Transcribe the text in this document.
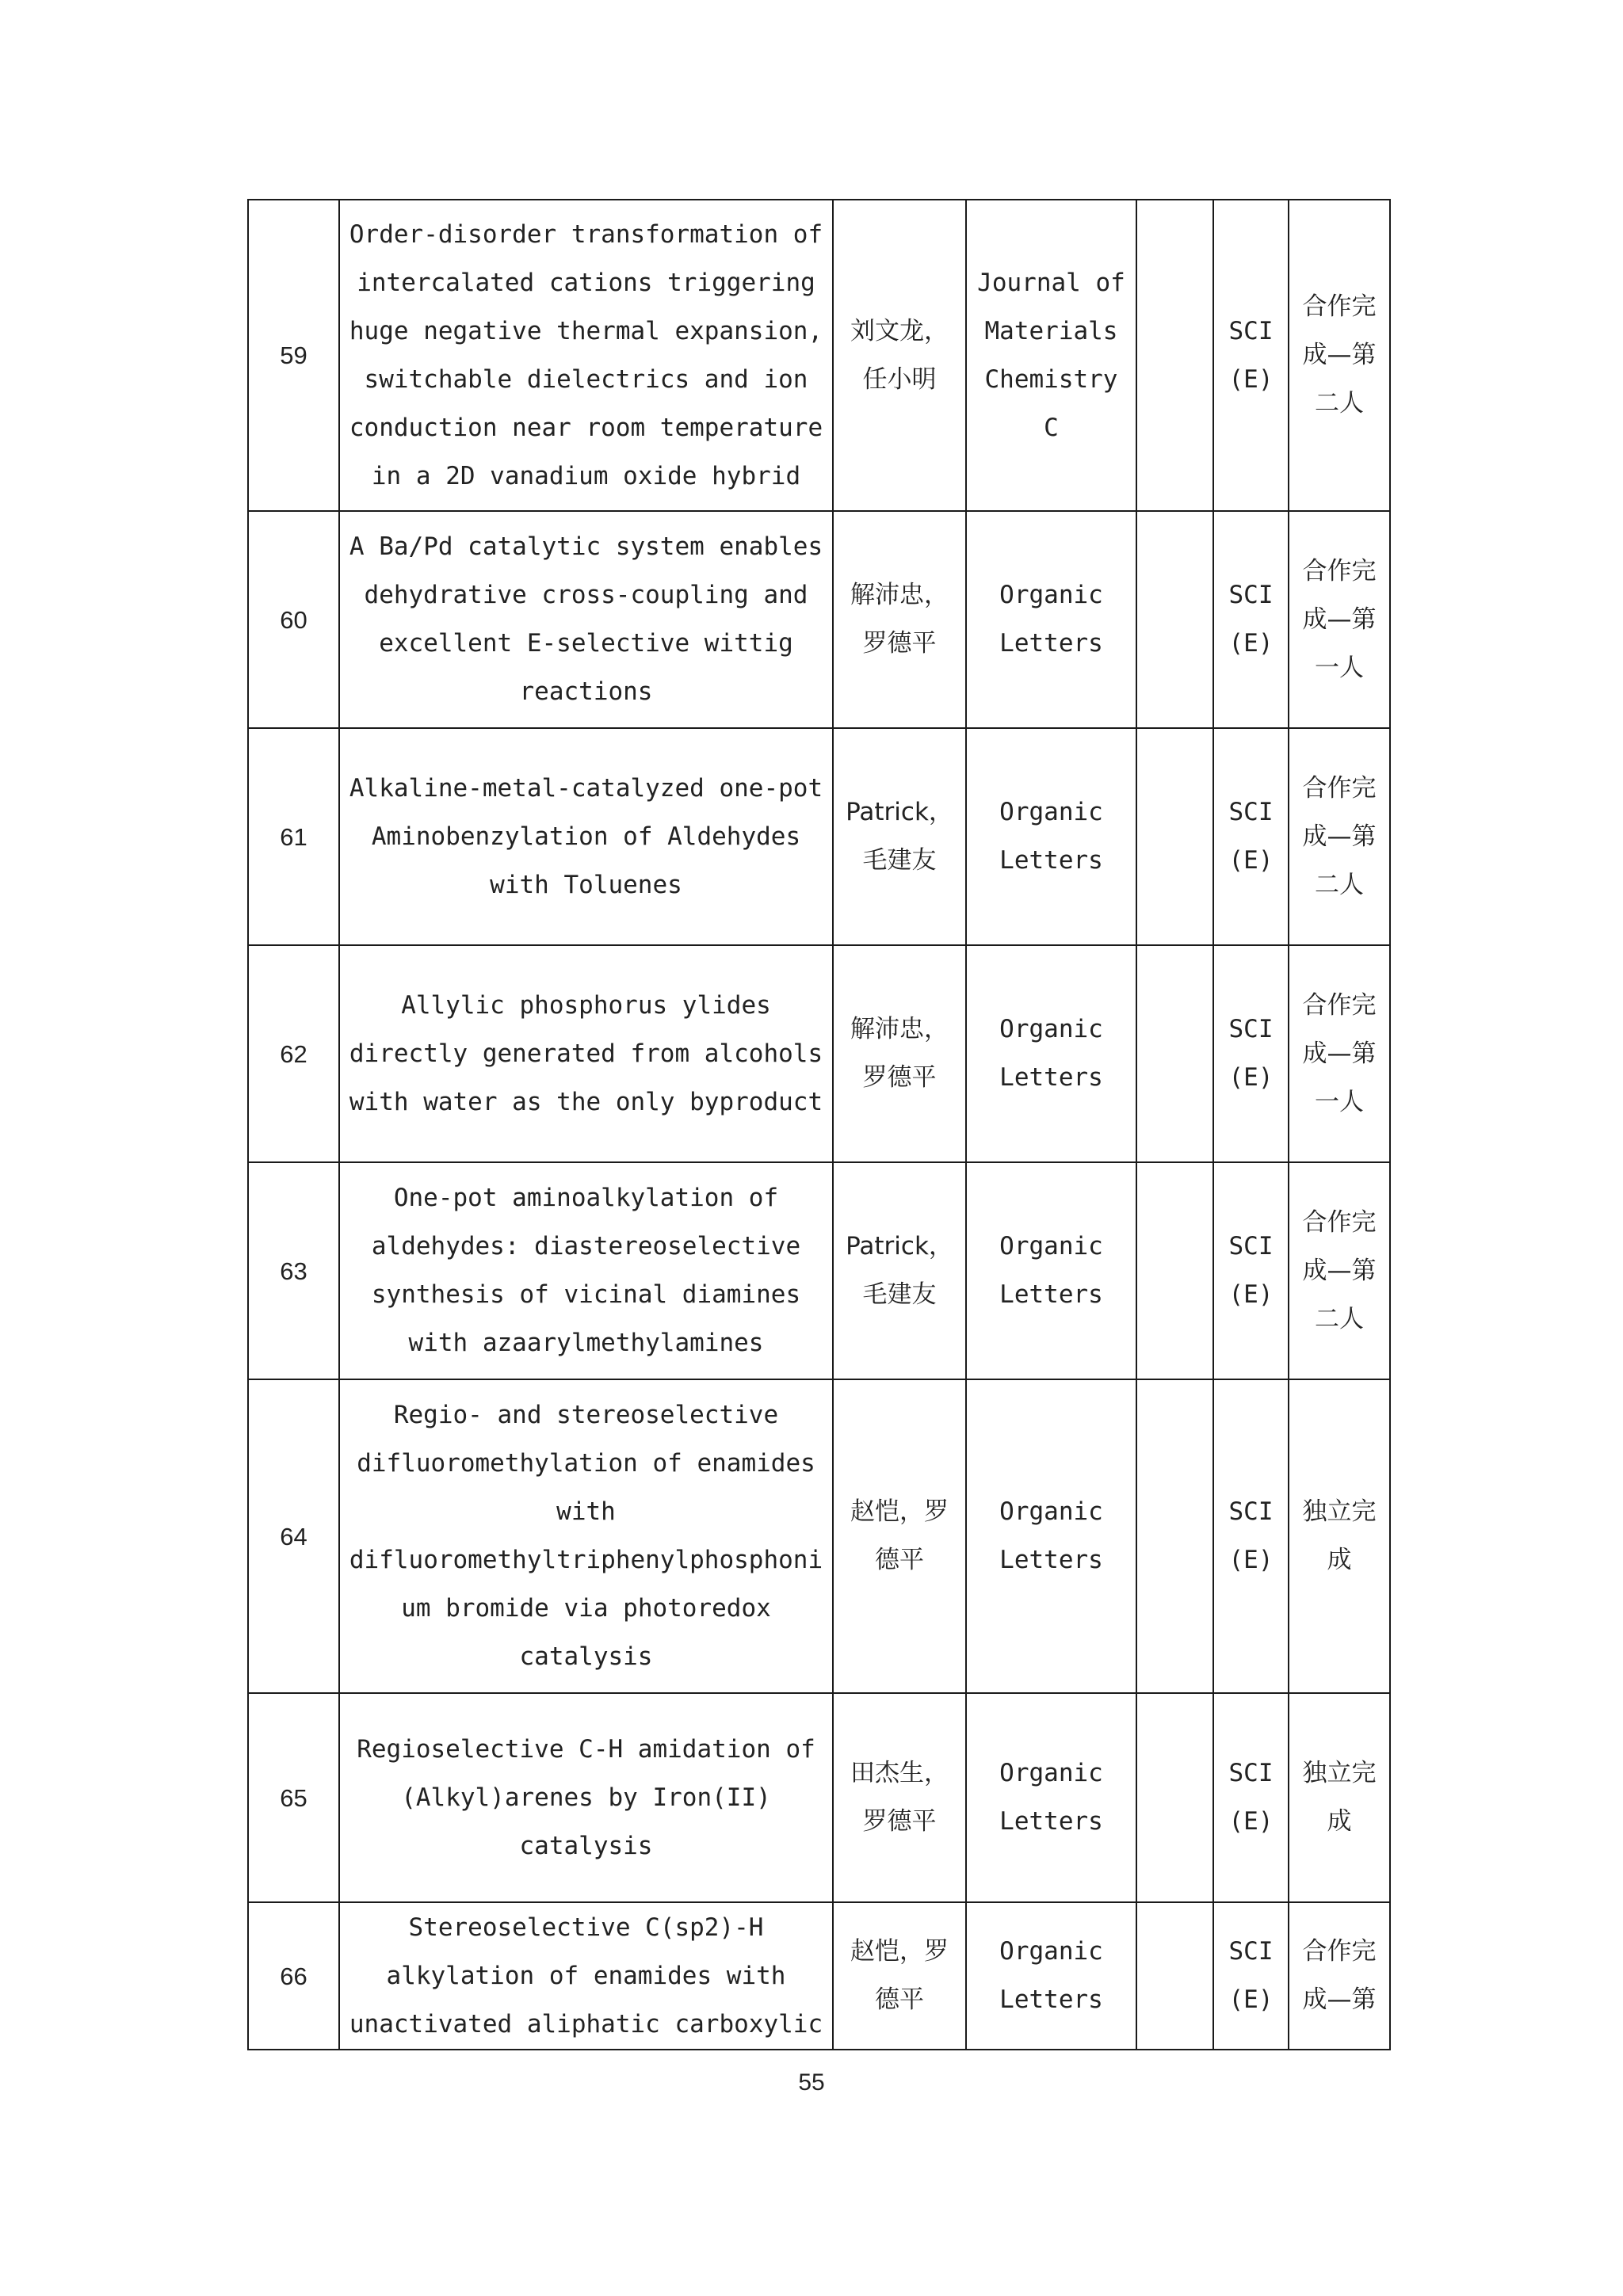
59	Order-disorder transformation of intercalated cations triggering huge negative thermal expansion, switchable dielectrics and ion conduction near room temperature in a 2D vanadium oxide hybrid	刘文龙，任小明	Journal of Materials Chemistry C		SCI (E)	合作完成—第二人
60	A Ba/Pd catalytic system enables dehydrative cross-coupling and excellent E-selective wittig reactions	解沛忠，罗德平	Organic Letters		SCI (E)	合作完成—第一人
61	Alkaline-metal-catalyzed one-pot Aminobenzylation of Aldehydes with Toluenes	Patrick，毛建友	Organic Letters		SCI (E)	合作完成—第二人
62	Allylic phosphorus ylides directly generated from alcohols with water as the only byproduct	解沛忠，罗德平	Organic Letters		SCI (E)	合作完成—第一人
63	One-pot aminoalkylation of aldehydes: diastereoselective synthesis of vicinal diamines with azaarylmethylamines	Patrick，毛建友	Organic Letters		SCI (E)	合作完成—第二人
64	Regio- and stereoselective difluoromethylation of enamides with difluoromethyltriphenylphosphonium bromide via photoredox catalysis	赵恺，罗德平	Organic Letters		SCI (E)	独立完成
65	Regioselective C-H amidation of (Alkyl)arenes by Iron(II) catalysis	田杰生，罗德平	Organic Letters		SCI (E)	独立完成
66	Stereoselective C(sp2)-H alkylation of enamides with unactivated aliphatic carboxylic	赵恺，罗德平	Organic Letters		SCI (E)	合作完成—第
55
